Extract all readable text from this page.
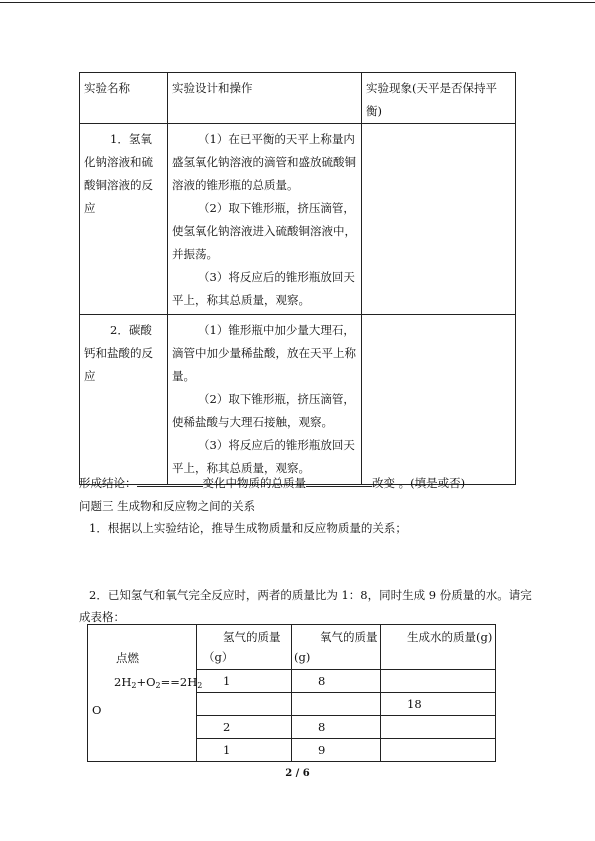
实验名称	实验设计和操作	实验现象(天平是否保持平衡)
1．氢氧化钠溶液和硫酸铜溶液的反应	（1）在已平衡的天平上称量内盛氢氧化钠溶液的滴管和盛放硫酸铜溶液的锥形瓶的总质量。
（2）取下锥形瓶，挤压滴管，使氢氧化钠溶液进入硫酸铜溶液中，并振荡。
（3）将反应后的锥形瓶放回天平上，称其总质量，观察。	

2．碳酸钙和盐酸的反应	（1）锥形瓶中加少量大理石，滴管中加少量稀盐酸，放在天平上称量。
（2）取下锥形瓶，挤压滴管，使稀盐酸与大理石接触，观察。
（3）将反应后的锥形瓶放回天平上，称其总质量，观察。	

形成结论：	变化中物质的总质量	改变 。(填是或否)
问题三 生成物和反应物之间的关系
1．根据以上实验结论，推导生成物质量和反应物质量的关系；
2．已知氢气和氧气完全反应时，两者的质量比为 1：8，同时生成 9 份质量的水。请完
成表格：
点燃
$2H_2+O_2==2H_2$
O	氢气的质量（g）	氧气的质量(g)	生成水的质量(g)
	1	8	
			18
	2	8	
	1	9	
2 / 6
